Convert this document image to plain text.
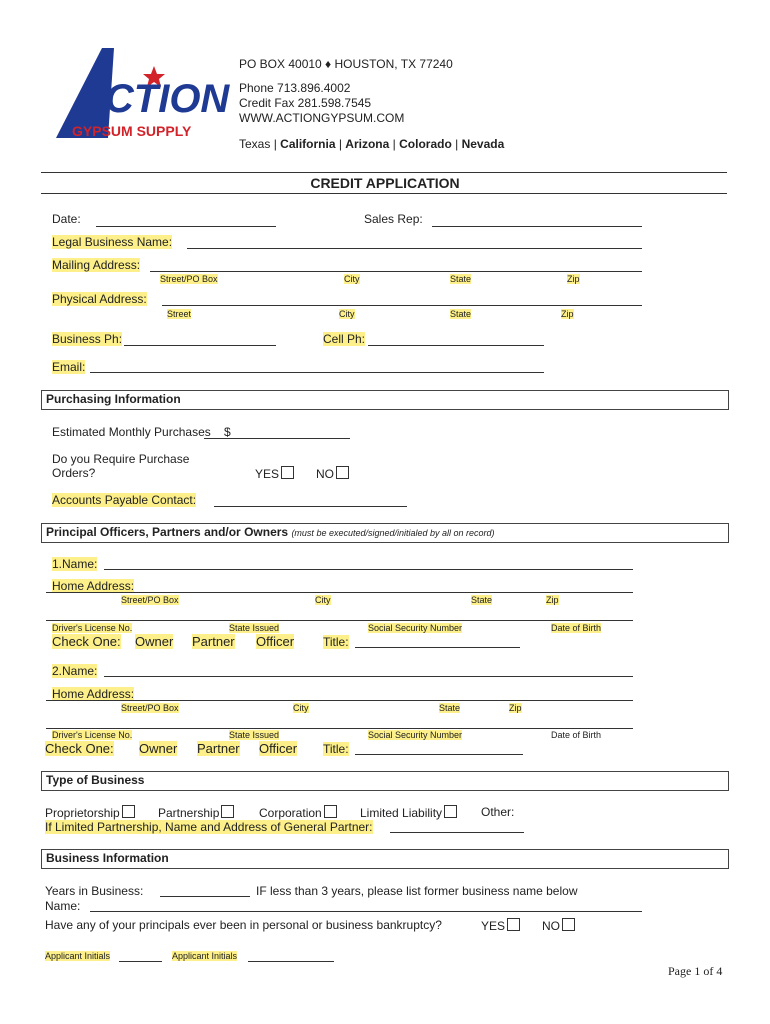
ACTION
GYPSUM SUPPLY
PO BOX 40010 ♦ HOUSTON, TX 77240
Phone 713.896.4002
Credit Fax 281.598.7545
WWW.ACTIONGYPSUM.COM
Texas | California | Arizona | Colorado | Nevada
CREDIT APPLICATION
Date:	Sales Rep:
Legal Business Name:
Mailing Address:
Street/PO Box	City	State	Zip
Physical Address:
Street	City	State	Zip
Business Ph:	Cell Ph:
Email:
Purchasing Information
Estimated Monthly Purchases $
Do you Require Purchase
Orders?	YES	NO
Accounts Payable Contact:
Principal Officers, Partners and/or Owners (must be executed/signed/initialed by all on record)
1.Name:
Home Address:
Street/PO Box	City	State	Zip
Driver's License No.	State Issued	Social Security Number	Date of Birth
Check One: Owner Partner Officer Title:
2.Name:
Home Address:
Street/PO Box	City	State	Zip
Driver's License No.	State Issued	Social Security Number	Date of Birth
Check One: Owner Partner Officer Title:
Type of Business
Proprietorship	Partnership	Corporation	Limited Liability	Other:
If Limited Partnership, Name and Address of General Partner:
Business Information
Years in Business:	IF less than 3 years, please list former business name below
Name:
Have any of your principals ever been in personal or business bankruptcy?	YES	NO
Applicant Initials	Applicant Initials
Page 1 of 4
